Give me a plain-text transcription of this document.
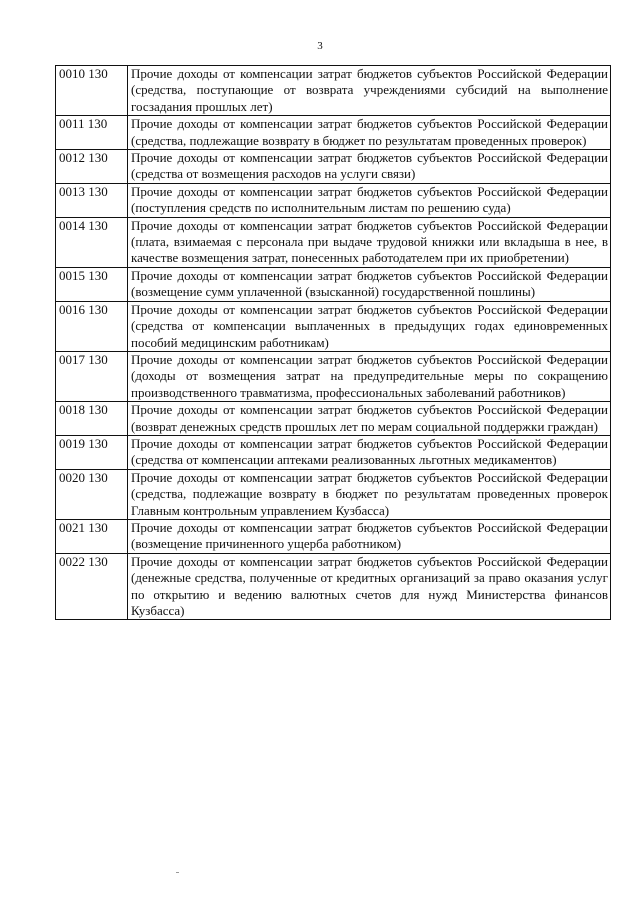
3
0010 130	Прочие доходы от компенсации затрат бюджетов субъектов Российской Федерации (средства, поступающие от возврата учреждениями субсидий на выполнение госзадания прошлых лет)
0011 130	Прочие доходы от компенсации затрат бюджетов субъектов Российской Федерации (средства, подлежащие возврату в бюджет по результатам проведенных проверок)
0012 130	Прочие доходы от компенсации затрат бюджетов субъектов Российской Федерации (средства от возмещения расходов на услуги связи)
0013 130	Прочие доходы от компенсации затрат бюджетов субъектов Российской Федерации (поступления средств по исполнительным листам по решению суда)
0014 130	Прочие доходы от компенсации затрат бюджетов субъектов Российской Федерации (плата, взимаемая с персонала при выдаче трудовой книжки или вкладыша в нее, в качестве возмещения затрат, понесенных работодателем при их приобретении)
0015 130	Прочие доходы от компенсации затрат бюджетов субъектов Российской Федерации (возмещение сумм уплаченной (взысканной) государственной пошлины)
0016 130	Прочие доходы от компенсации затрат бюджетов субъектов Российской Федерации (средства от компенсации выплаченных в предыдущих годах единовременных пособий медицинским работникам)
0017 130	Прочие доходы от компенсации затрат бюджетов субъектов Российской Федерации (доходы от возмещения затрат на предупредительные меры по сокращению производственного травматизма, профессиональных заболеваний работников)
0018 130	Прочие доходы от компенсации затрат бюджетов субъектов Российской Федерации (возврат денежных средств прошлых лет по мерам социальной поддержки граждан)
0019 130	Прочие доходы от компенсации затрат бюджетов субъектов Российской Федерации (средства от компенсации аптеками реализованных льготных медикаментов)
0020 130	Прочие доходы от компенсации затрат бюджетов субъектов Российской Федерации (средства, подлежащие возврату в бюджет по результатам проведенных проверок Главным контрольным управлением Кузбасса)
0021 130	Прочие доходы от компенсации затрат бюджетов субъектов Российской Федерации (возмещение причиненного ущерба работником)
0022 130	Прочие доходы от компенсации затрат бюджетов субъектов Российской Федерации (денежные средства, полученные от кредитных организаций за право оказания услуг по открытию и ведению валютных счетов для нужд Министерства финансов Кузбасса)
